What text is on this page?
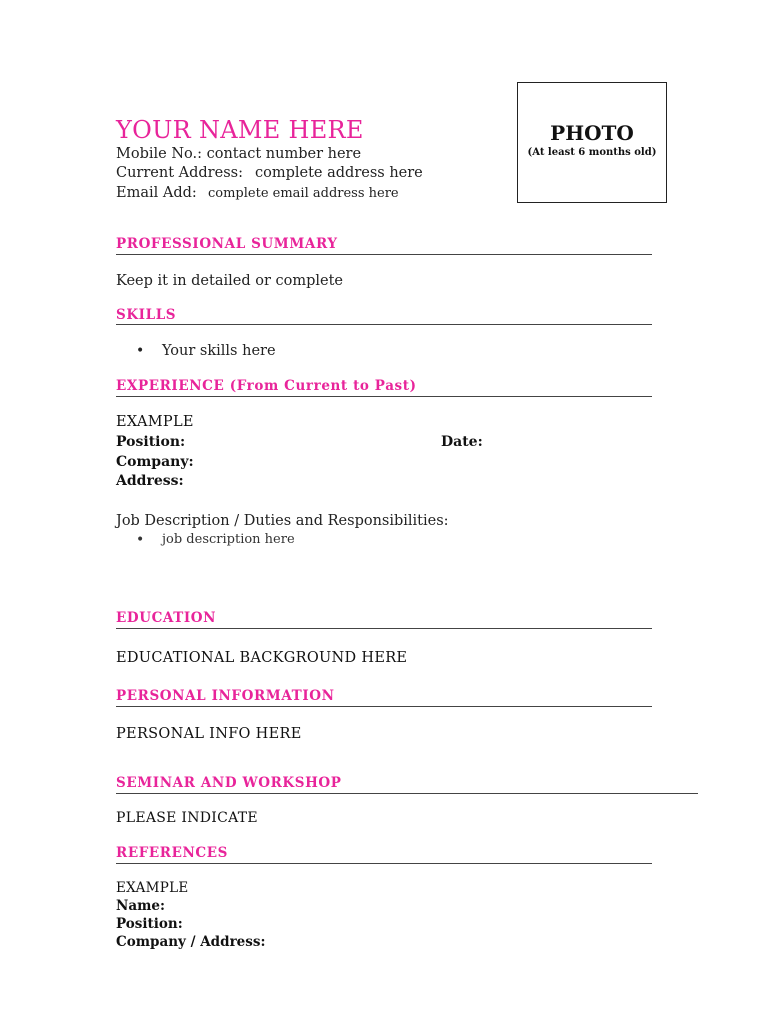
YOUR NAME HERE
Mobile No.: contact number here
Current Address: complete address here
Email Add: complete email address here
PHOTO
(At least 6 months old)
PROFESSIONAL SUMMARY
Keep it in detailed or complete
SKILLS
• Your skills here
EXPERIENCE (From Current to Past)
EXAMPLE
Position:	Date:
Company:
Address:
Job Description / Duties and Responsibilities:
• job description here
EDUCATION
EDUCATIONAL BACKGROUND HERE
PERSONAL INFORMATION
PERSONAL INFO HERE
SEMINAR AND WORKSHOP
PLEASE INDICATE
REFERENCES
EXAMPLE
Name:
Position:
Company / Address:
